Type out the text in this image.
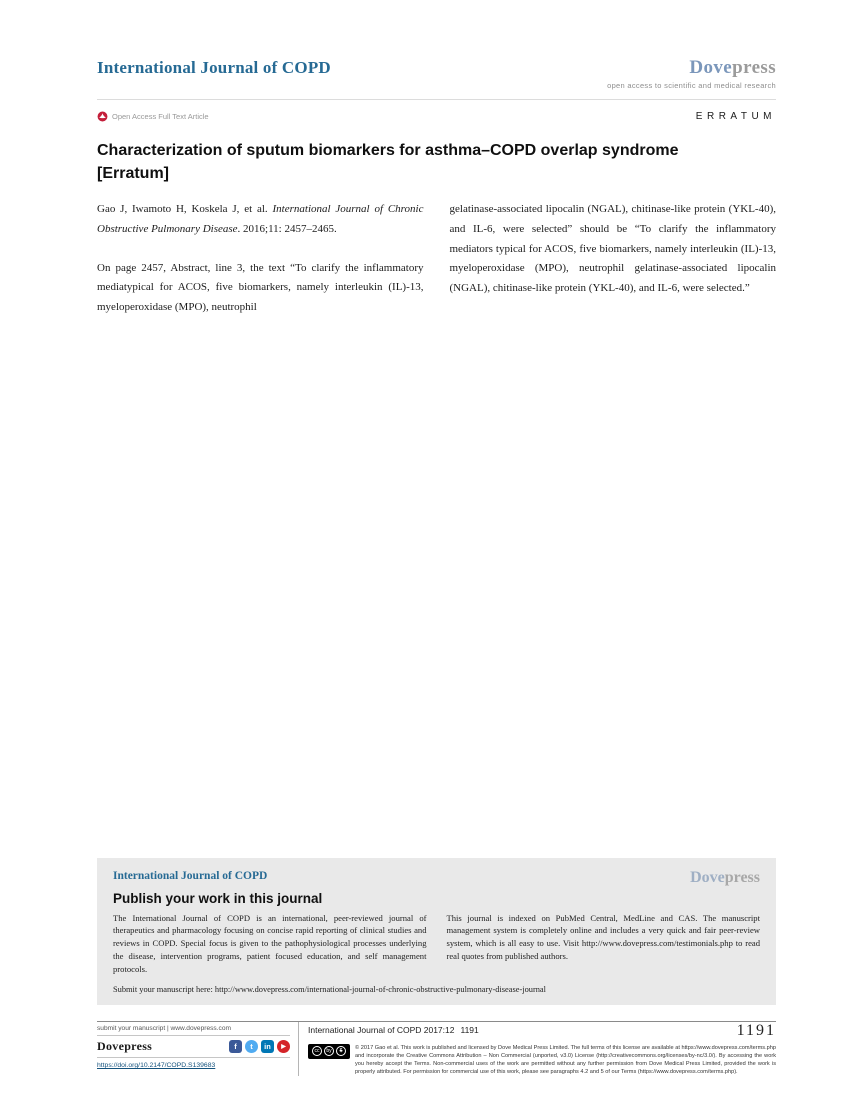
International Journal of COPD	Dovepress
open access to scientific and medical research
Open Access Full Text Article	ERRATUM
Characterization of sputum biomarkers for asthma–COPD overlap syndrome [Erratum]

Gao J, Iwamoto H, Koskela J, et al. International Journal of Chronic Obstructive Pulmonary Disease. 2016;11: 2457–2465.

On page 2457, Abstract, line 3, the text “To clarify the inflammatory mediatypical for ACOS, five biomarkers, namely interleukin (IL)-13, myeloperoxidase (MPO), neutrophil

gelatinase-associated lipocalin (NGAL), chitinase-like protein (YKL-40), and IL-6, were selected” should be “To clarify the inflammatory mediators typical for ACOS, five biomarkers, namely interleukin (IL)-13, myeloperoxidase (MPO), neutrophil gelatinase-associated lipocalin (NGAL), chitinase-like protein (YKL-40), and IL-6, were selected.”

International Journal of COPD	Dovepress
Publish your work in this journal
The International Journal of COPD is an international, peer-reviewed journal of therapeutics and pharmacology focusing on concise rapid reporting of clinical studies and reviews in COPD. Special focus is given to the pathophysiological processes underlying the disease, intervention programs, patient focused education, and self management protocols.
This journal is indexed on PubMed Central, MedLine and CAS. The manuscript management system is completely online and includes a very quick and fair peer-review system, which is all easy to use. Visit http://www.dovepress.com/testimonials.php to read real quotes from published authors.
Submit your manuscript here: http://www.dovepress.com/international-journal-of-chronic-obstructive-pulmonary-disease-journal
submit your manuscript | www.dovepress.com
Dovepress	f	t	in	▶
https://doi.org/10.2147/COPD.S139683
International Journal of COPD 2017:12 1191	1191
cc	by	$
© 2017 Gao et al. This work is published and licensed by Dove Medical Press Limited. The full terms of this license are available at https://www.dovepress.com/terms.php and incorporate the Creative Commons Attribution – Non Commercial (unported, v3.0) License (http://creativecommons.org/licenses/by-nc/3.0/). By accessing the work you hereby accept the Terms. Non-commercial uses of the work are permitted without any further permission from Dove Medical Press Limited, provided the work is properly attributed. For permission for commercial use of this work, please see paragraphs 4.2 and 5 of our Terms (https://www.dovepress.com/terms.php).
